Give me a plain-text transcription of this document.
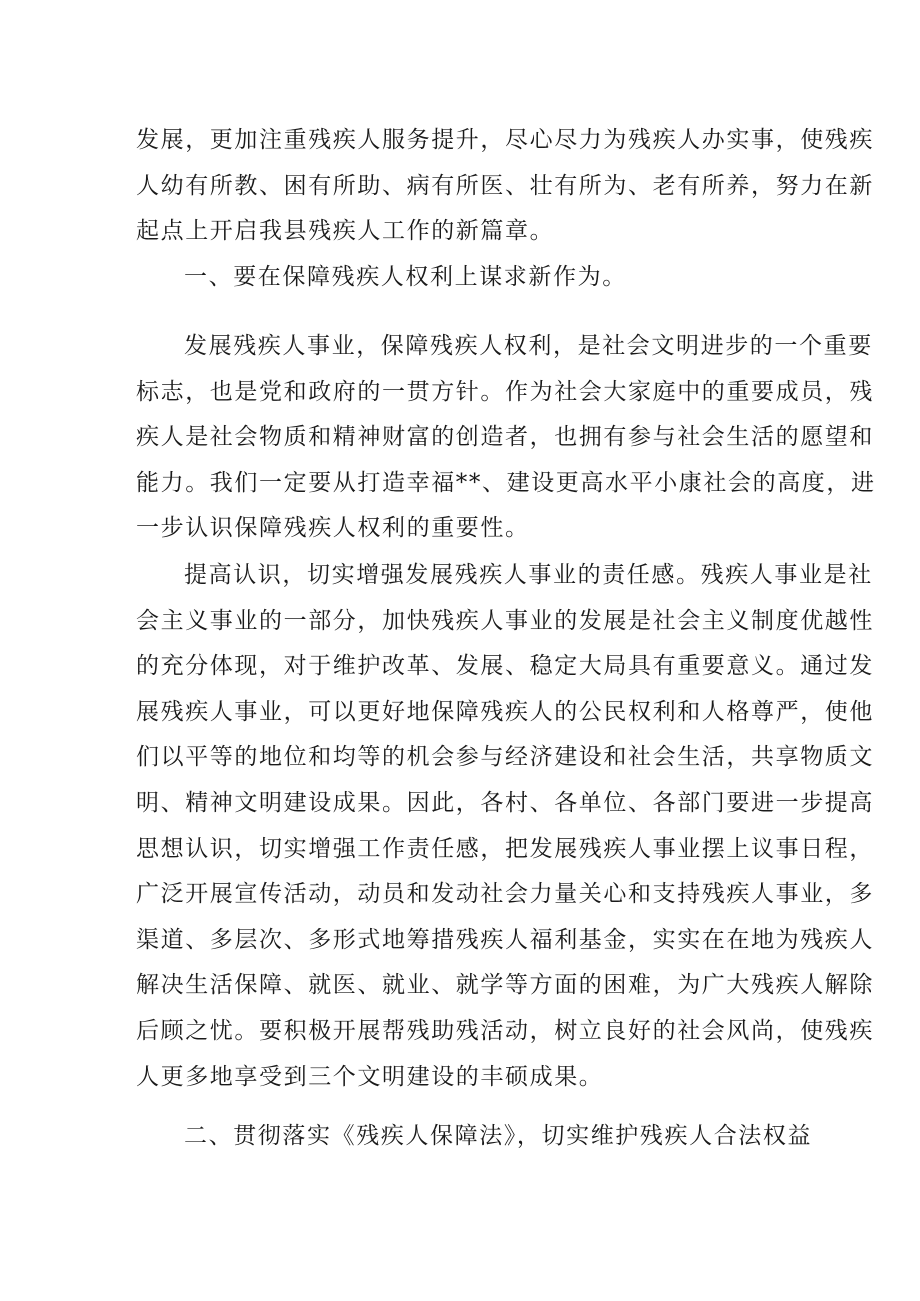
发展，更加注重残疾人服务提升，尽心尽力为残疾人办实事，使残疾
人幼有所教、困有所助、病有所医、壮有所为、老有所养，努力在新
起点上开启我县残疾人工作的新篇章。
一、要在保障残疾人权利上谋求新作为。
发展残疾人事业，保障残疾人权利，是社会文明进步的一个重要
标志，也是党和政府的一贯方针。作为社会大家庭中的重要成员，残
疾人是社会物质和精神财富的创造者，也拥有参与社会生活的愿望和
能力。我们一定要从打造幸福**、建设更高水平小康社会的高度，进
一步认识保障残疾人权利的重要性。
提高认识，切实增强发展残疾人事业的责任感。残疾人事业是社
会主义事业的一部分，加快残疾人事业的发展是社会主义制度优越性
的充分体现，对于维护改革、发展、稳定大局具有重要意义。通过发
展残疾人事业，可以更好地保障残疾人的公民权利和人格尊严，使他
们以平等的地位和均等的机会参与经济建设和社会生活，共享物质文
明、精神文明建设成果。因此，各村、各单位、各部门要进一步提高
思想认识，切实增强工作责任感，把发展残疾人事业摆上议事日程，
广泛开展宣传活动，动员和发动社会力量关心和支持残疾人事业，多
渠道、多层次、多形式地筹措残疾人福利基金，实实在在地为残疾人
解决生活保障、就医、就业、就学等方面的困难，为广大残疾人解除
后顾之忧。要积极开展帮残助残活动，树立良好的社会风尚，使残疾
人更多地享受到三个文明建设的丰硕成果。
二、贯彻落实《残疾人保障法》，切实维护残疾人合法权益
